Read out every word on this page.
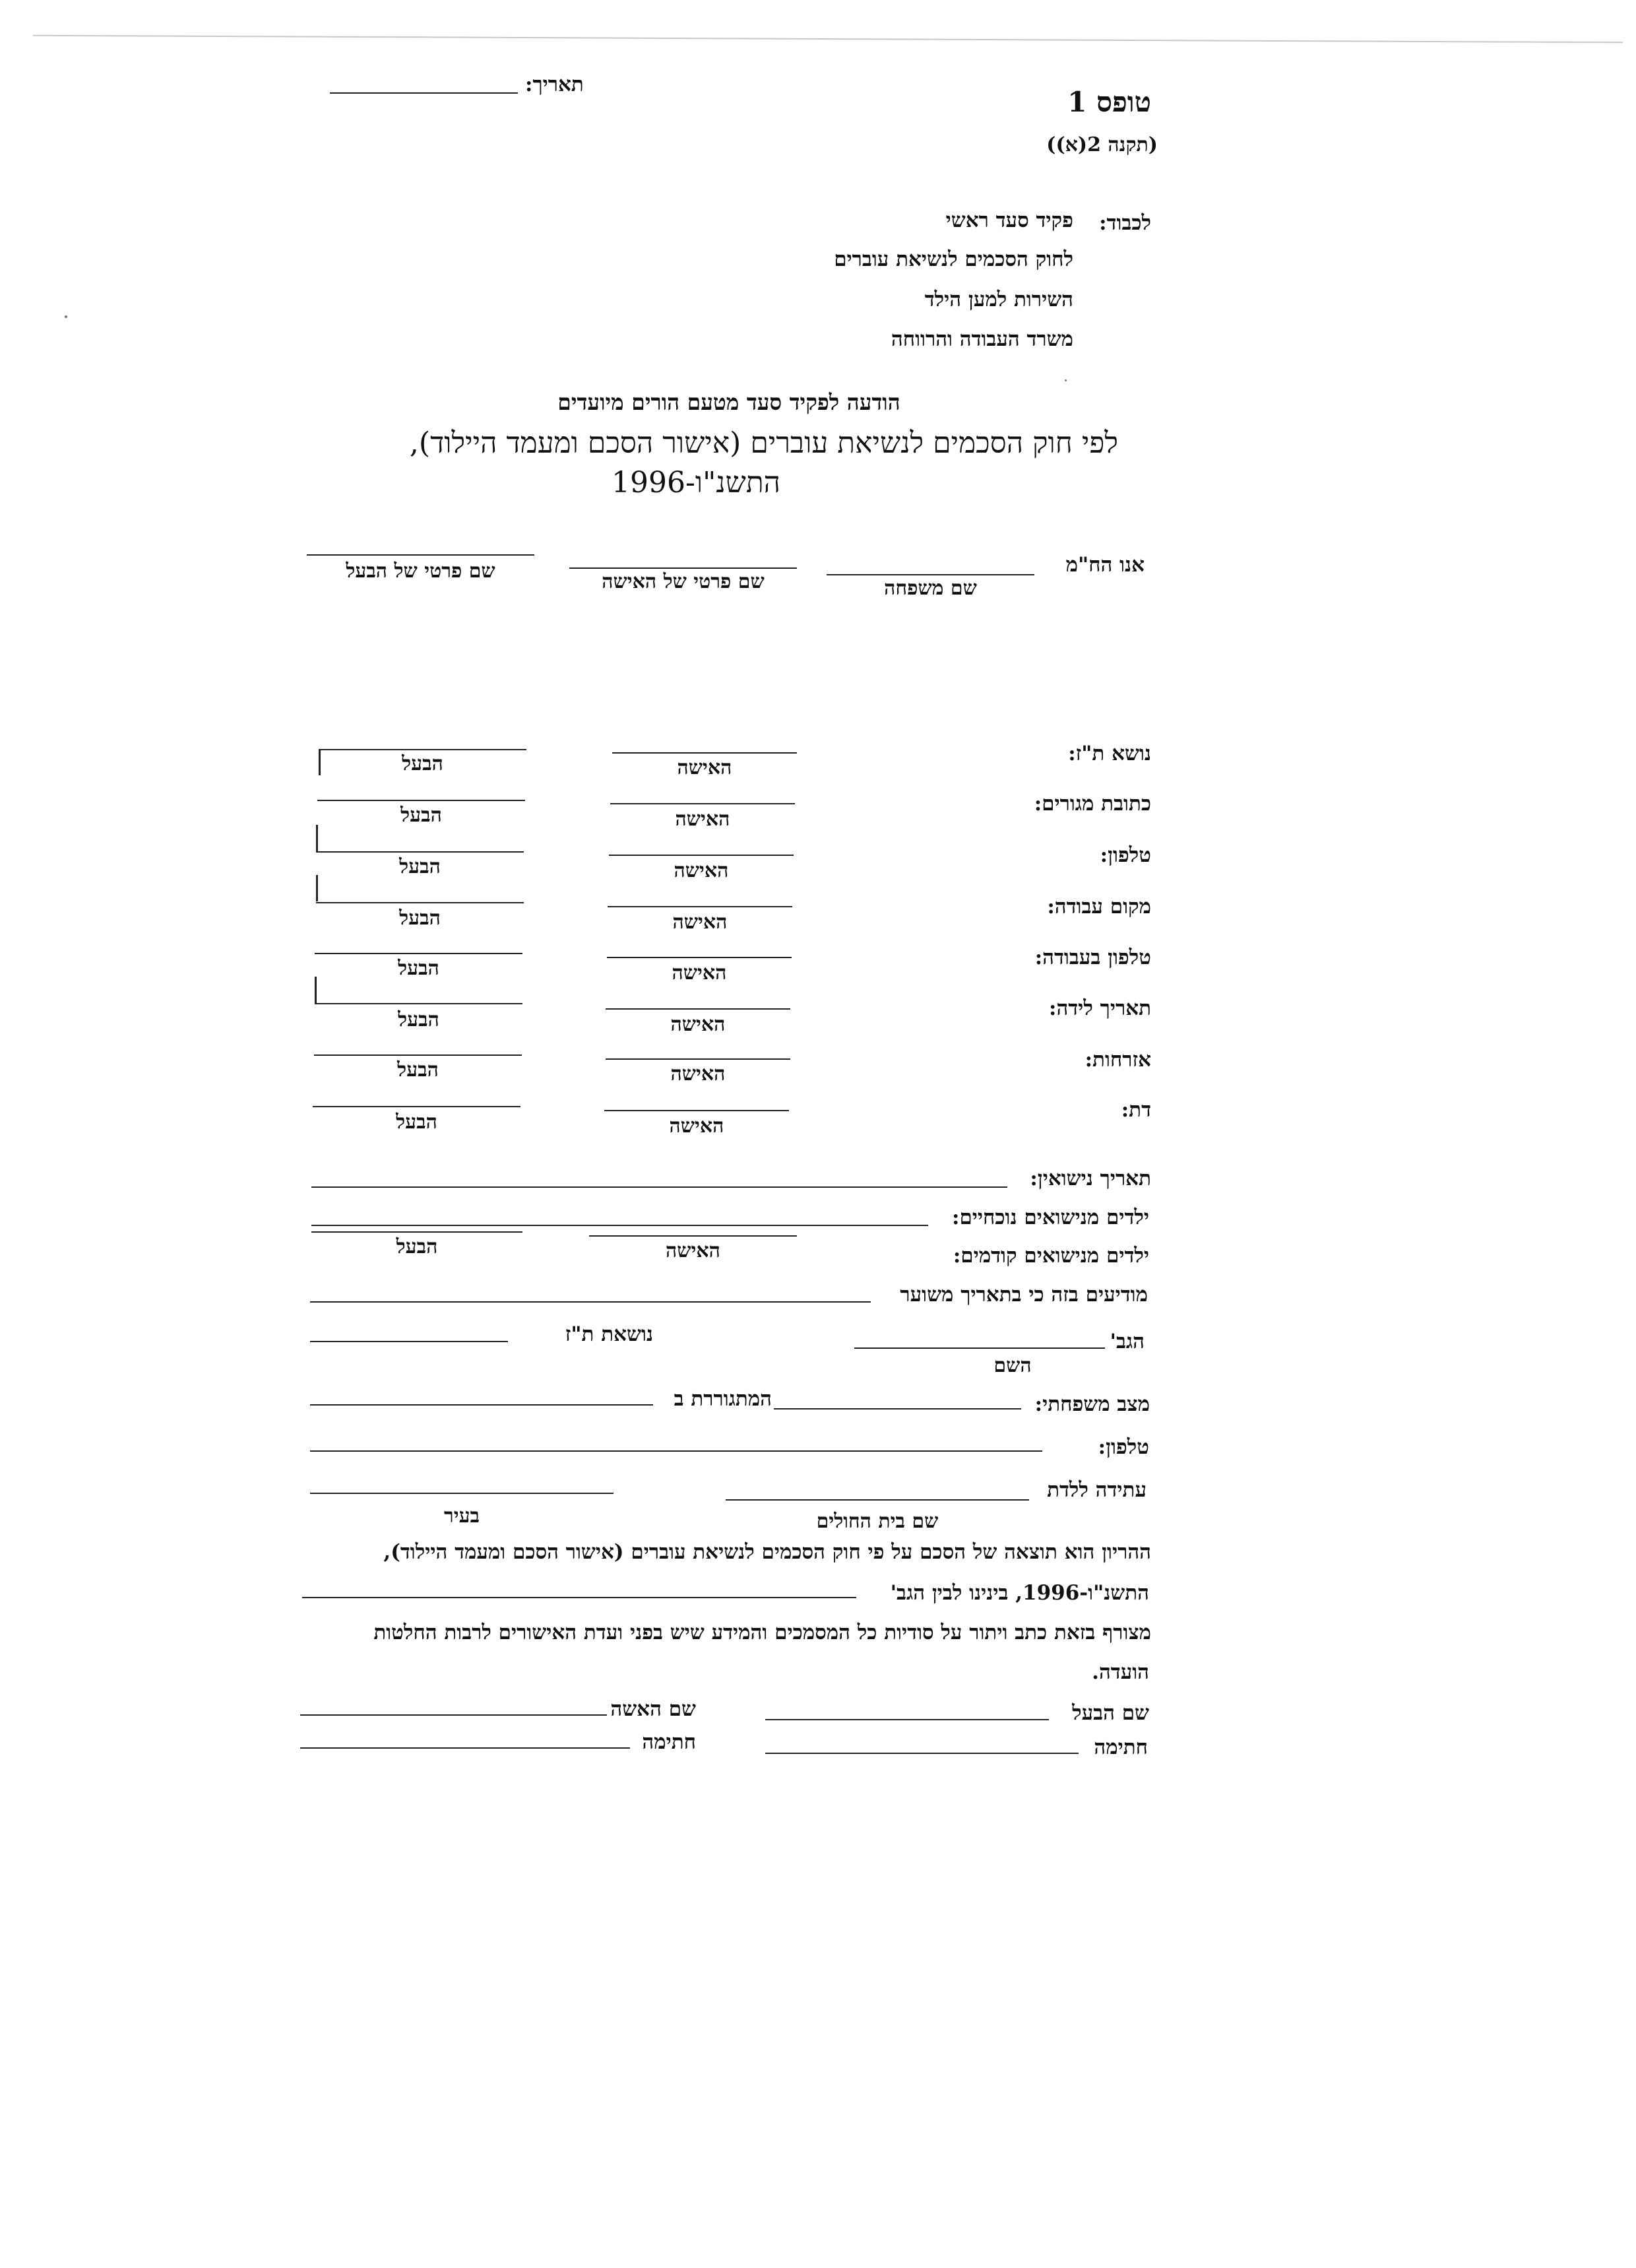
תאריך:
טופס 1
(תקנה 2(א))
לכבוד:
פקיד סעד ראשי
לחוק הסכמים לנשיאת עוברים
השירות למען הילד
משרד העבודה והרווחה
הודעה לפקיד סעד מטעם הורים מיועדים
לפי חוק הסכמים לנשיאת עוברים (אישור הסכם ומעמד היילוד),
התשנ"ו-1996
אנו הח"מ
שם משפחה
שם פרטי של האישה
שם פרטי של הבעל
נושא ת"ז:
האישה
הבעל
כתובת מגורים:
האישה
הבעל
טלפון:
האישה
הבעל
מקום עבודה:
האישה
הבעל
טלפון בעבודה:
האישה
הבעל
תאריך לידה:
האישה
הבעל
אזרחות:
האישה
הבעל
דת:
האישה
הבעל
תאריך נישואין:
ילדים מנישואים נוכחיים:
ילדים מנישואים קודמים:
האישה
הבעל
מודיעים בזה כי בתאריך משוער
הגב'
השם
נושאת ת"ז
מצב משפחתי:
המתגוררת ב
טלפון:
עתידה ללדת
שם בית החולים
בעיר
ההריון הוא תוצאה של הסכם על פי חוק הסכמים לנשיאת עוברים (אישור הסכם ומעמד היילוד),
התשנ"ו-1996, בינינו לבין הגב'
מצורף בזאת כתב ויתור על סודיות כל המסמכים והמידע שיש בפני ועדת האישורים לרבות החלטות
הועדה.
שם הבעל
שם האשה
חתימה
חתימה
